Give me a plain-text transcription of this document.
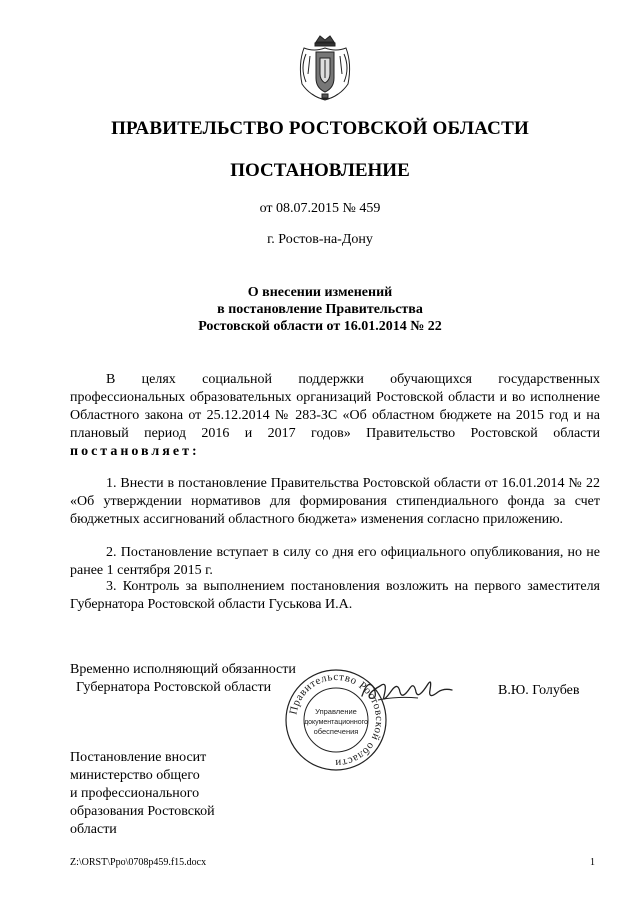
ПРАВИТЕЛЬСТВО РОСТОВСКОЙ ОБЛАСТИ
ПОСТАНОВЛЕНИЕ
от 08.07.2015 № 459
г. Ростов-на-Дону
О внесении изменений
в постановление Правительства
Ростовской области от 16.01.2014 № 22
В целях социальной поддержки обучающихся государственных профессиональных образовательных организаций Ростовской области и во исполнение Областного закона от 25.12.2014 № 283-ЗС «Об областном бюджете на 2015 год и на плановый период 2016 и 2017 годов» Правительство Ростовской области постановляет:
1. Внести в постановление Правительства Ростовской области от 16.01.2014 № 22 «Об утверждении нормативов для формирования стипендиального фонда за счет бюджетных ассигнований областного бюджета» изменения согласно приложению.
2. Постановление вступает в силу со дня его официального опубликования, но не ранее 1 сентября 2015 г.
3. Контроль за выполнением постановления возложить на первого заместителя Губернатора Ростовской области Гуськова И.А.
Временно исполняющий обязанности
Губернатора Ростовской области
Правительство Ростовской области
Управление
документационного
обеспечения
В.Ю. Голубев
Постановление вносит
министерство общего
и профессионального
образования Ростовской
области
Z:\ORST\Ppo\0708p459.f15.docx	1
